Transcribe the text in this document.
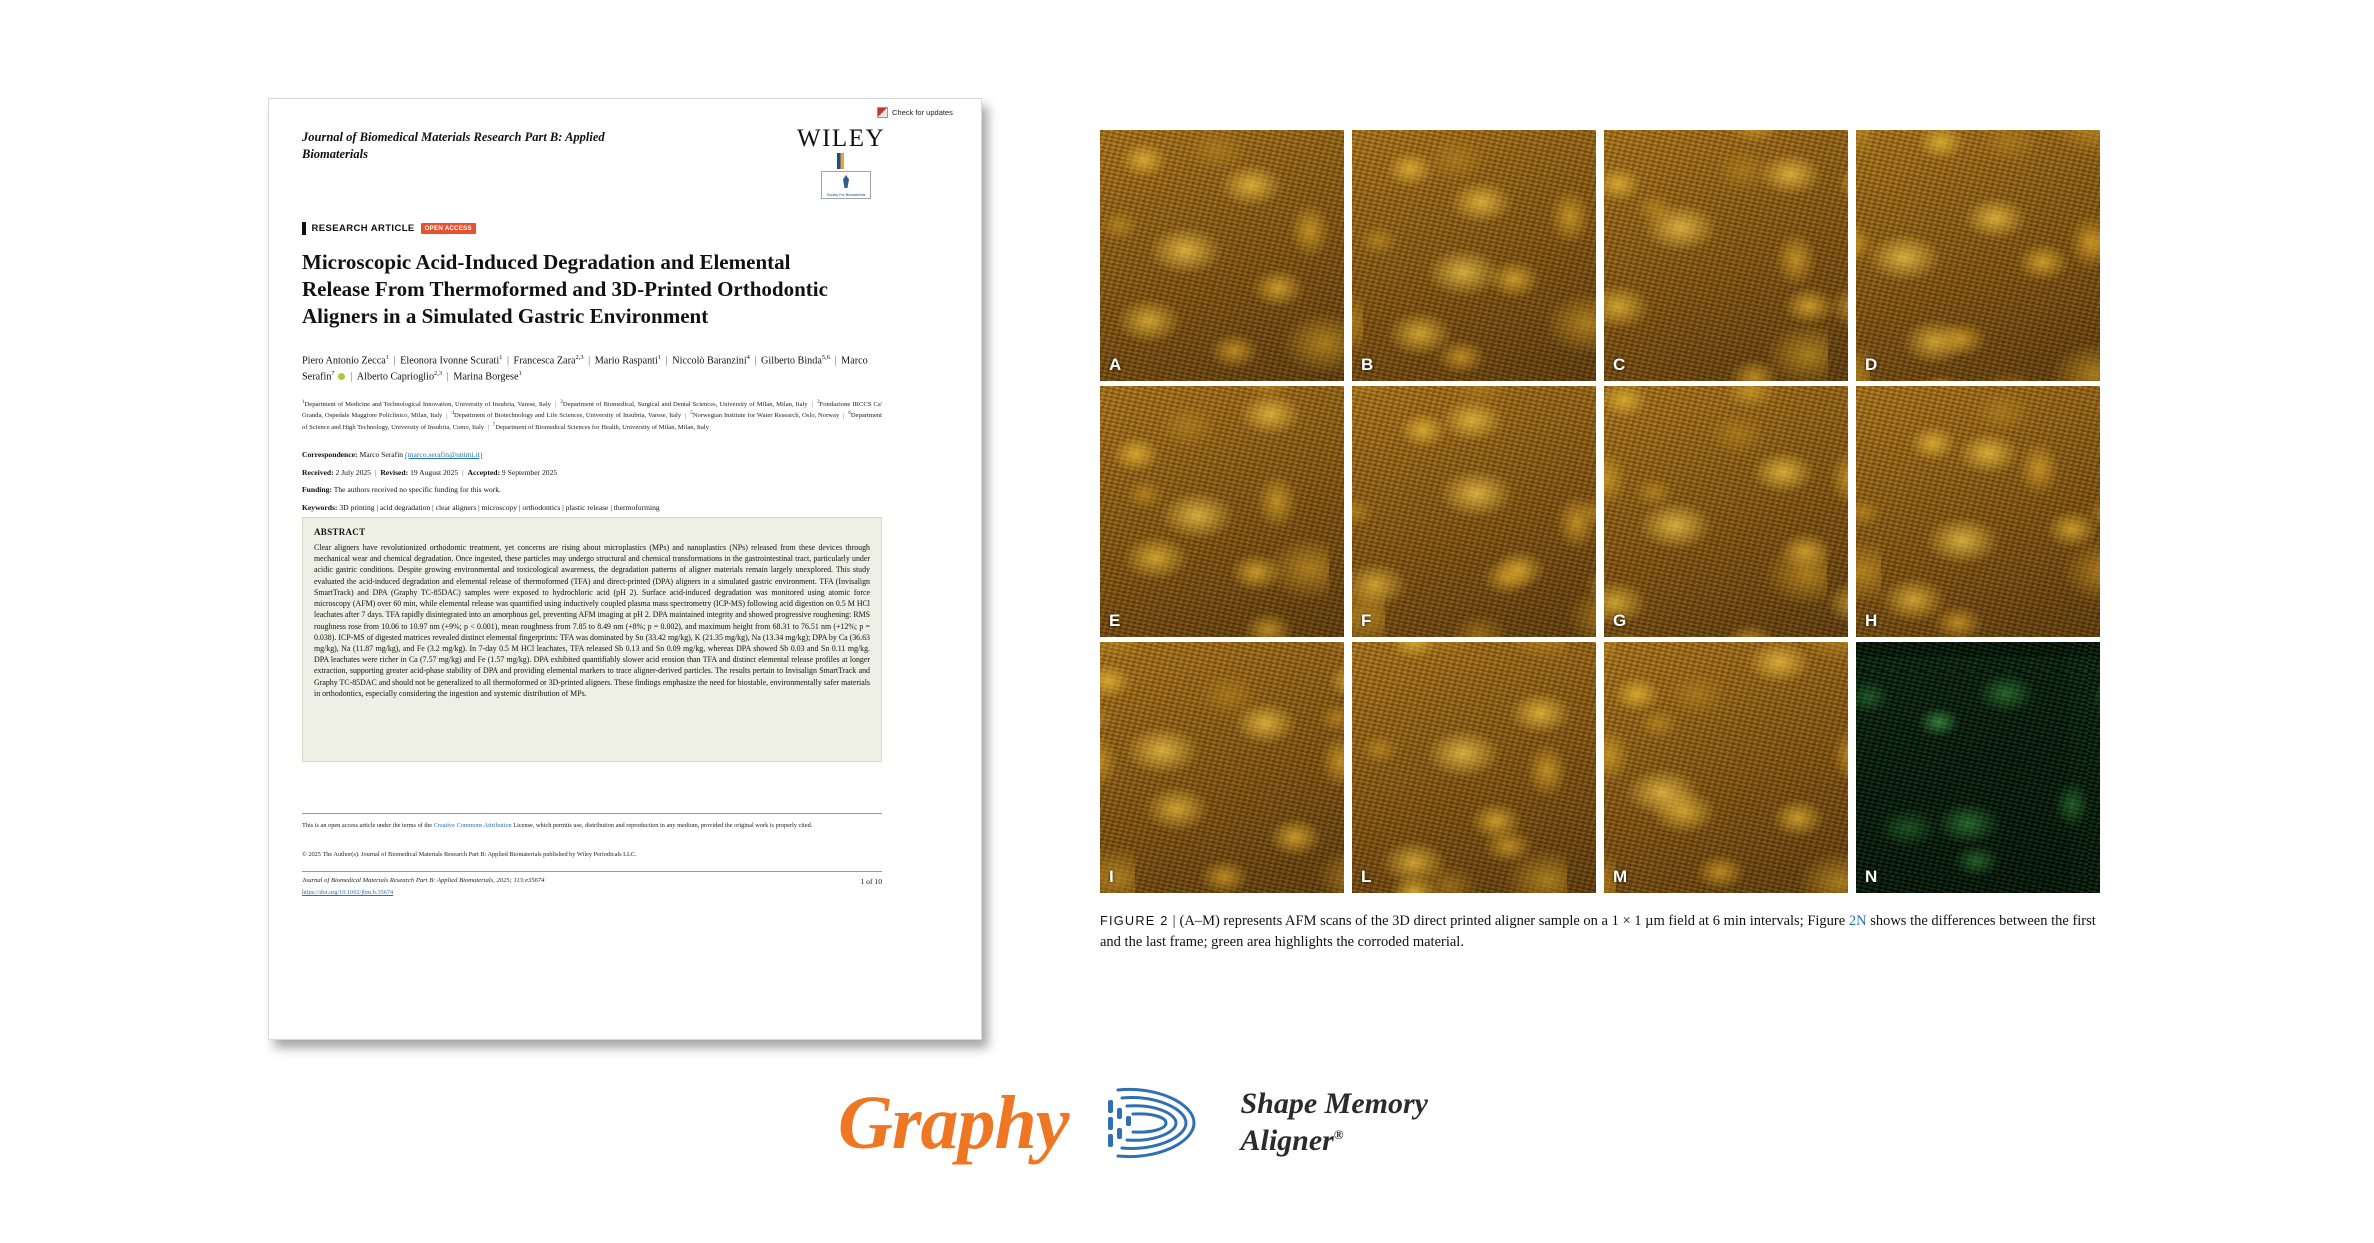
Check for updates
Journal of Biomedical Materials Research Part B: Applied Biomaterials
WILEY
Society For Biomaterials
RESEARCH ARTICLE	OPEN ACCESS
Microscopic Acid-Induced Degradation and Elemental Release From Thermoformed and 3D-Printed Orthodontic Aligners in a Simulated Gastric Environment
Piero Antonio Zecca$^1$ | Eleonora Ivonne Scurati$^1$ | Francesca Zara$^{2,3}$ | Mario Raspanti$^1$ | Niccolò Baranzini$^4$ | Gilberto Binda$^{5,6}$ | Marco Serafin$^7$ | Alberto Caprioglio$^{2,3}$ | Marina Borgese$^1$
$^1$Department of Medicine and Technological Innovation, University of Insubria, Varese, Italy | $^2$Department of Biomedical, Surgical and Dental Sciences, University of Milan, Milan, Italy | $^3$Fondazione IRCCS Ca' Granda, Ospedale Maggiore Policlinico, Milan, Italy | $^4$Department of Biotechnology and Life Sciences, University of Insubria, Varese, Italy | $^5$Norwegian Institute for Water Research, Oslo, Norway | $^6$Department of Science and High Technology, University of Insubria, Como, Italy | $^7$Department of Biomedical Sciences for Health, University of Milan, Milan, Italy
Correspondence: Marco Serafin (marco.serafin@unimi.it)
Received: 2 July 2025 | Revised: 19 August 2025 | Accepted: 9 September 2025
Funding: The authors received no specific funding for this work.
Keywords: 3D printing | acid degradation | clear aligners | microscopy | orthodontics | plastic release | thermoforming
ABSTRACT
Clear aligners have revolutionized orthodontic treatment, yet concerns are rising about microplastics (MPs) and nanoplastics (NPs) released from these devices through mechanical wear and chemical degradation. Once ingested, these particles may undergo structural and chemical transformations in the gastrointestinal tract, particularly under acidic gastric conditions. Despite growing environmental and toxicological awareness, the degradation patterns of aligner materials remain largely unexplored. This study evaluated the acid-induced degradation and elemental release of thermoformed (TFA) and direct-printed (DPA) aligners in a simulated gastric environment. TFA (Invisalign SmartTrack) and DPA (Graphy TC-85DAC) samples were exposed to hydrochloric acid (pH 2). Surface acid-induced degradation was monitored using atomic force microscopy (AFM) over 60 min, while elemental release was quantified using inductively coupled plasma mass spectrometry (ICP-MS) following acid digestion on 0.5 M HCl leachates after 7 days. TFA rapidly disintegrated into an amorphous gel, preventing AFM imaging at pH 2. DPA maintained integrity and showed progressive roughening: RMS roughness rose from 10.06 to 10.97 nm (+9%; p < 0.001), mean roughness from 7.85 to 8.49 nm (+8%; p = 0.002), and maximum height from 68.31 to 76.51 nm (+12%; p = 0.038). ICP-MS of digested matrices revealed distinct elemental fingerprints: TFA was dominated by Sn (33.42 mg/kg), K (21.35 mg/kg), Na (13.34 mg/kg); DPA by Ca (36.63 mg/kg), Na (11.87 mg/kg), and Fe (3.2 mg/kg). In 7-day 0.5 M HCl leachates, TFA released Sb 0.13 and Sn 0.09 mg/kg, whereas DPA showed Sb 0.03 and Sn 0.11 mg/kg. DPA leachates were richer in Ca (7.57 mg/kg) and Fe (1.57 mg/kg). DPA exhibited quantifiably slower acid erosion than TFA and distinct elemental release profiles at longer extraction, supporting greater acid-phase stability of DPA and providing elemental markers to trace aligner-derived particles. The results pertain to Invisalign SmartTrack and Graphy TC-85DAC and should not be generalized to all thermoformed or 3D-printed aligners. These findings emphasize the need for biostable, environmentally safer materials in orthodontics, especially considering the ingestion and systemic distribution of MPs.
This is an open access article under the terms of the Creative Commons Attribution License, which permits use, distribution and reproduction in any medium, provided the original work is properly cited.
© 2025 The Author(s). Journal of Biomedical Materials Research Part B: Applied Biomaterials published by Wiley Periodicals LLC.
Journal of Biomedical Materials Research Part B: Applied Biomaterials, 2025; 113:e35674
https://doi.org/10.1002/jbm.b.35674
1 of 10
A	B	C	D
E	F	G	H
I	L	M	N
FIGURE 2 | (A–M) represents AFM scans of the 3D direct printed aligner sample on a 1 × 1 µm field at 6 min intervals; Figure 2N shows the differences between the first and the last frame; green area highlights the corroded material.
Graphy	Shape Memory
Aligner®
